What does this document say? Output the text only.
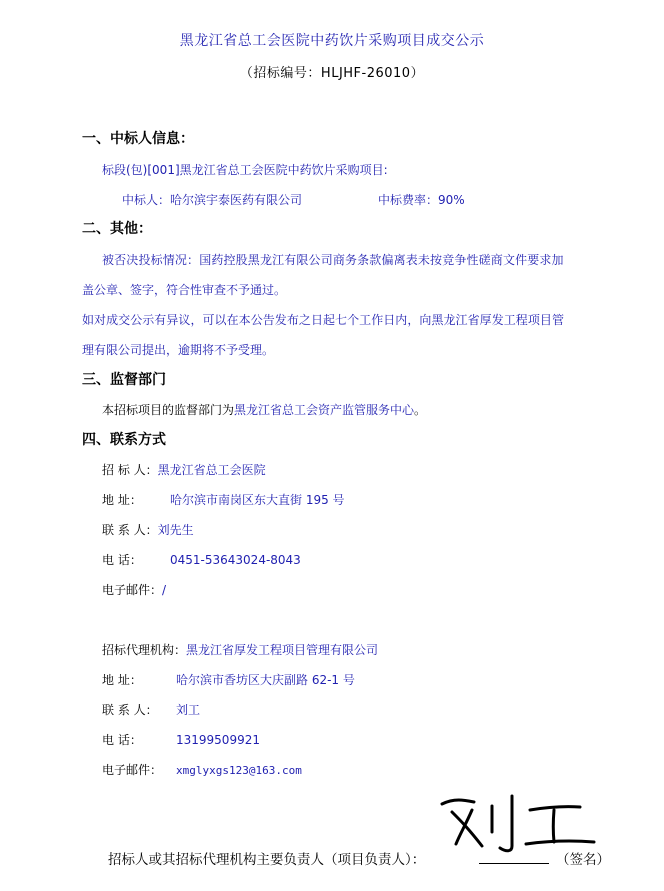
黑龙江省总工会医院中药饮片采购项目成交公示
（招标编号：HLJHF-26010）
一、中标人信息：
标段(包)[001]黑龙江省总工会医院中药饮片采购项目:
中标人：哈尔滨宇泰医药有限公司	中标费率：90%
二、其他：
被否决投标情况：国药控股黑龙江有限公司商务条款偏离表未按竞争性磋商文件要求加
盖公章、签字，符合性审查不予通过。
如对成交公示有异议，可以在本公告发布之日起七个工作日内，向黑龙江省厚发工程项目管
理有限公司提出，逾期将不予受理。
三、监督部门
本招标项目的监督部门为黑龙江省总工会资产监管服务中心。
四、联系方式
招 标 人：黑龙江省总工会医院
地 址： 哈尔滨市南岗区东大直街 195 号
联 系 人：刘先生
电 话： 0451-53643024-8043
电子邮件：/
招标代理机构：黑龙江省厚发工程项目管理有限公司
地 址：	哈尔滨市香坊区大庆副路 62-1 号
联 系 人： 刘工
电 话：	13199509921
电子邮件： xmglyxgs123@163.com
招标人或其招标代理机构主要负责人（项目负责人）：	（签名）
